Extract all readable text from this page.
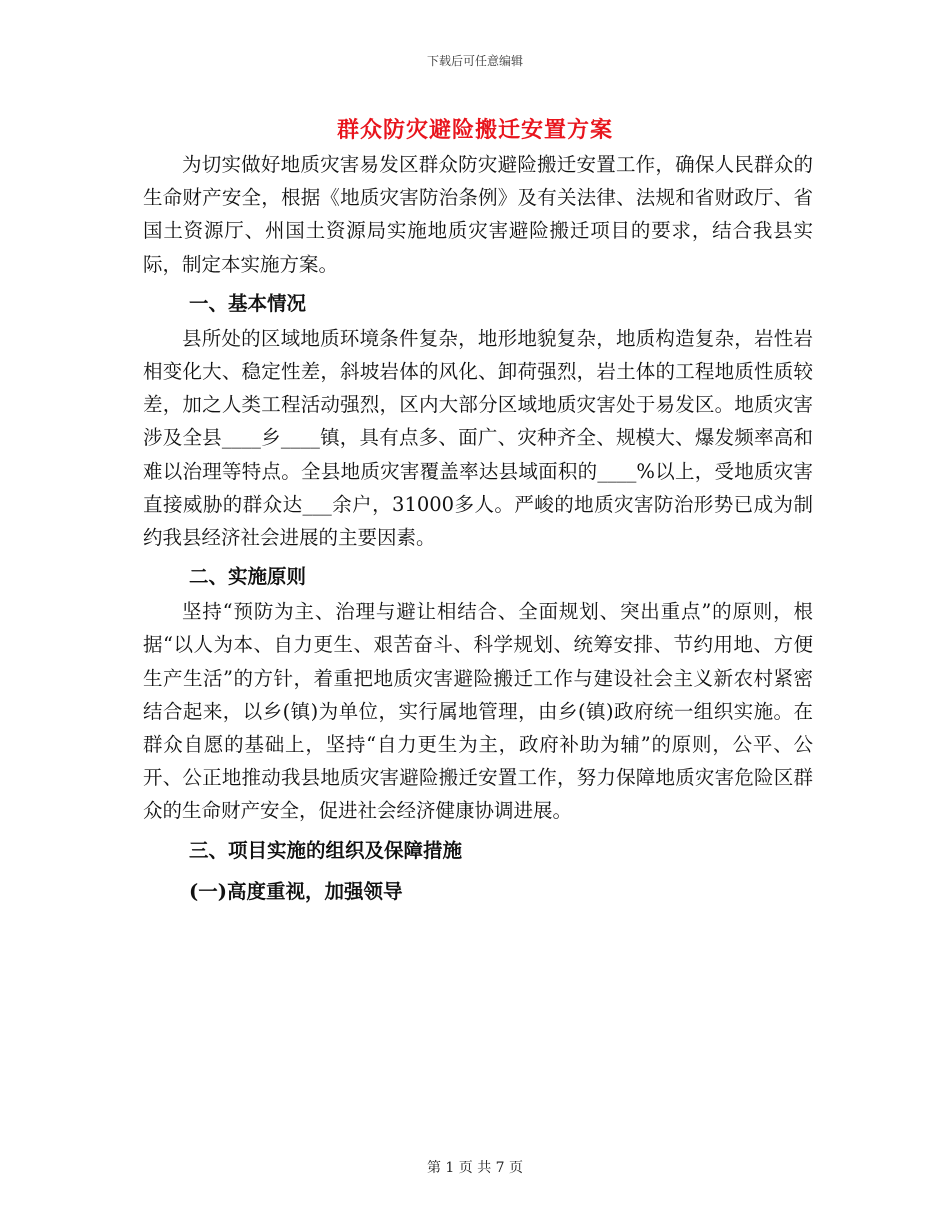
下载后可任意编辑
群众防灾避险搬迁安置方案

为切实做好地质灾害易发区群众防灾避险搬迁安置工作，确保人民群众的生命财产安全，根据《地质灾害防治条例》及有关法律、法规和省财政厅、省国土资源厅、州国土资源局实施地质灾害避险搬迁项目的要求，结合我县实际，制定本实施方案。

一、基本情况

县所处的区域地质环境条件复杂，地形地貌复杂，地质构造复杂，岩性岩相变化大、稳定性差，斜坡岩体的风化、卸荷强烈，岩土体的工程地质性质较差，加之人类工程活动强烈，区内大部分区域地质灾害处于易发区。地质灾害涉及全县____乡____镇，具有点多、面广、灾种齐全、规模大、爆发频率高和难以治理等特点。全县地质灾害覆盖率达县域面积的____%以上，受地质灾害直接威胁的群众达___余户，31000多人。严峻的地质灾害防治形势已成为制约我县经济社会进展的主要因素。

二、实施原则

坚持“预防为主、治理与避让相结合、全面规划、突出重点”的原则，根据“以人为本、自力更生、艰苦奋斗、科学规划、统筹安排、节约用地、方便生产生活”的方针，着重把地质灾害避险搬迁工作与建设社会主义新农村紧密结合起来，以乡(镇)为单位，实行属地管理，由乡(镇)政府统一组织实施。在群众自愿的基础上，坚持“自力更生为主，政府补助为辅”的原则，公平、公开、公正地推动我县地质灾害避险搬迁安置工作，努力保障地质灾害危险区群众的生命财产安全，促进社会经济健康协调进展。

三、项目实施的组织及保障措施

(一)高度重视，加强领导

第 1 页 共 7 页
